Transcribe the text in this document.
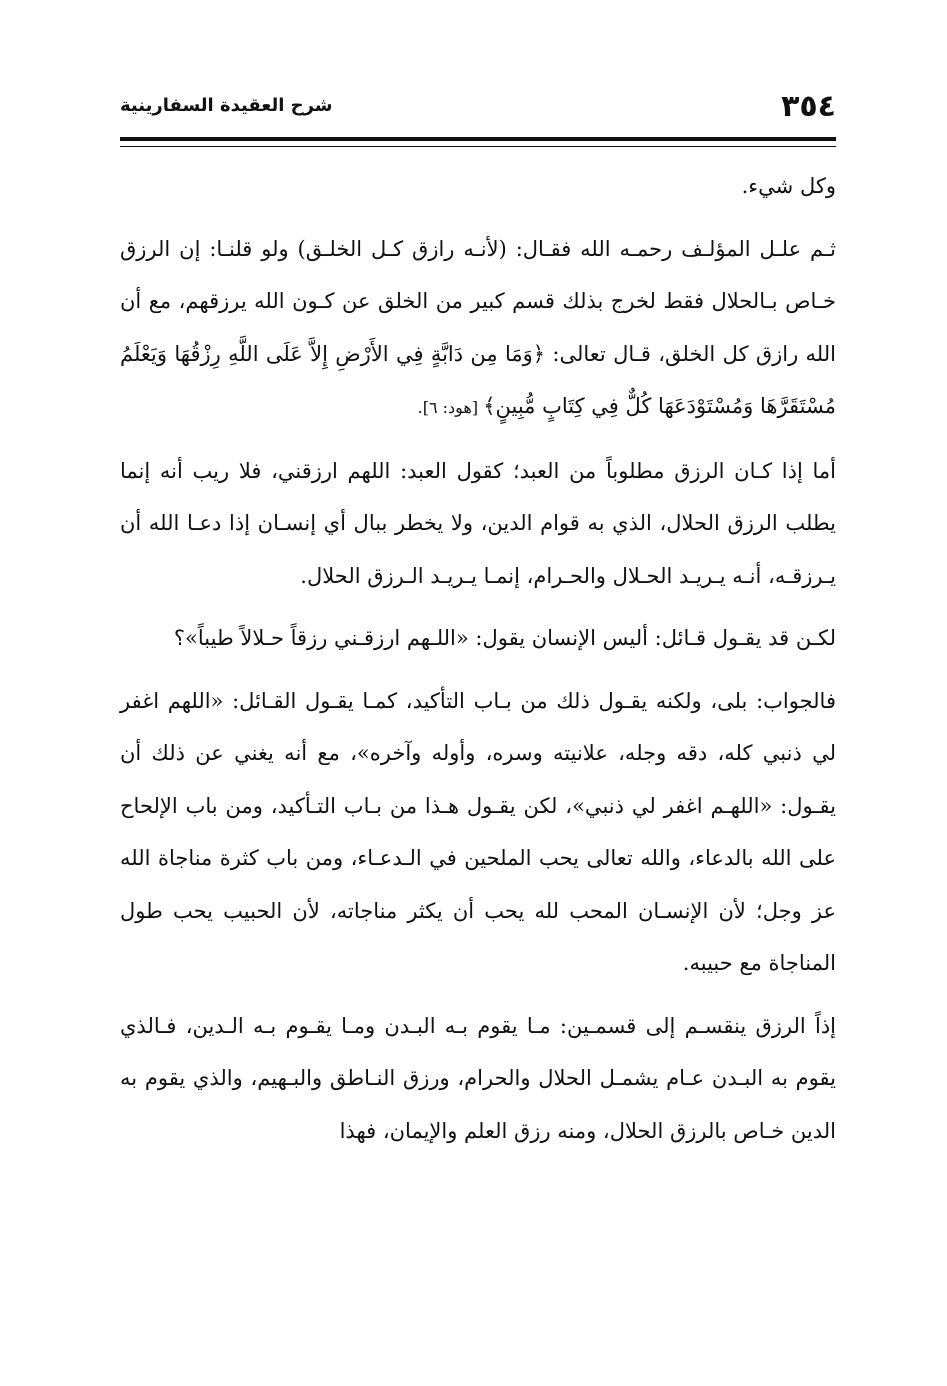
٣٥٤
شرح العقيدة السفارينية

وكل شيء.

ثـم علـل المؤلـف رحمـه الله فقـال: (لأنـه رازق كـل الخلـق) ولو قلنـا: إن الرزق خـاص بـالحلال فقط لخرج بذلك قسم كبير من الخلق عن كـون الله يرزقهم، مع أن الله رازق كل الخلق، قـال تعالى: ﴿وَمَا مِن دَابَّةٍ فِي الأَرْضِ إِلاَّ عَلَى اللَّهِ رِزْقُهَا وَيَعْلَمُ مُسْتَقَرَّهَا وَمُسْتَوْدَعَهَا كُلٌّ فِي كِتَابٍ مُّبِينٍ﴾ [هود: ٦].

أما إذا كـان الرزق مطلوباً من العبد؛ كقول العبد: اللهم ارزقني، فلا ريب أنه إنما يطلب الرزق الحلال، الذي به قوام الدين، ولا يخطر ببال أي إنسـان إذا دعـا الله أن يـرزقـه، أنـه يـريـد الحـلال والحـرام، إنمـا يـريـد الـرزق الحلال.

لكـن قد يقـول قـائل: أليس الإنسان يقول: «اللـهم ارزقـني رزقاً حـلالاً طيباً»؟

فالجواب: بلى، ولكنه يقـول ذلك من بـاب التأكيد، كمـا يقـول القـائل: «اللهم اغفر لي ذنبي كله، دقه وجله، علانيته وسره، وأوله وآخره»، مع أنه يغني عن ذلك أن يقـول: «اللهـم اغفر لي ذنبي»، لكن يقـول هـذا من بـاب التـأكيد، ومن باب الإلحاح على الله بالدعاء، والله تعالى يحب الملحين في الـدعـاء، ومن باب كثرة مناجاة الله عز وجل؛ لأن الإنسـان المحب لله يحب أن يكثر مناجاته، لأن الحبيب يحب طول المناجاة مع حبيبه.

إذاً الرزق ينقسـم إلى قسمـين: مـا يقوم بـه البـدن ومـا يقـوم بـه الـدين، فـالذي يقوم به البـدن عـام يشمـل الحلال والحرام، ورزق النـاطق والبـهيم، والذي يقوم به الدين خـاص بالرزق الحلال، ومنه رزق العلم والإيمان، فهذا
